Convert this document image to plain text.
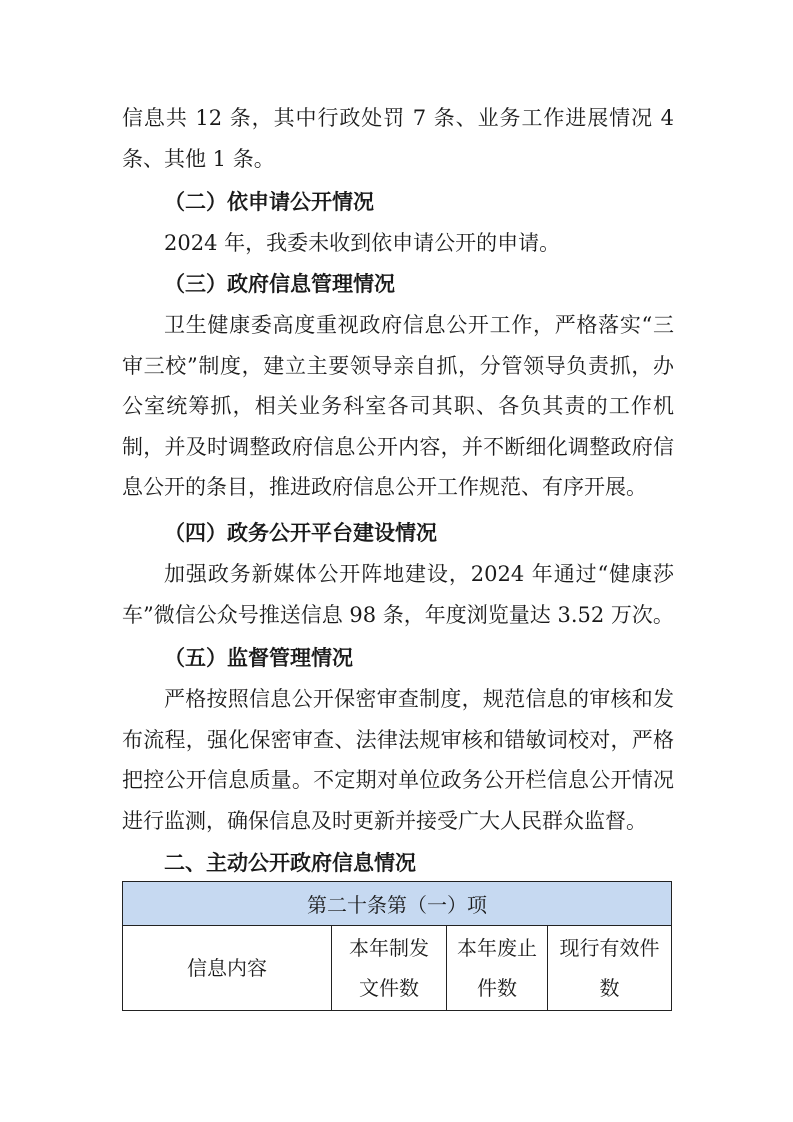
信息共 12 条，其中行政处罚 7 条、业务工作进展情况 4 条、其他 1 条。

（二）依申请公开情况

2024 年，我委未收到依申请公开的申请。

（三）政府信息管理情况

卫生健康委高度重视政府信息公开工作，严格落实“三审三校”制度，建立主要领导亲自抓，分管领导负责抓，办公室统筹抓，相关业务科室各司其职、各负其责的工作机制，并及时调整政府信息公开内容，并不断细化调整政府信息公开的条目，推进政府信息公开工作规范、有序开展。

（四）政务公开平台建设情况

加强政务新媒体公开阵地建设，2024 年通过“健康莎车”微信公众号推送信息 98 条，年度浏览量达 3.52 万次。

（五）监督管理情况

严格按照信息公开保密审查制度，规范信息的审核和发布流程，强化保密审查、法律法规审核和错敏词校对，严格把控公开信息质量。不定期对单位政务公开栏信息公开情况进行监测，确保信息及时更新并接受广大人民群众监督。

二、主动公开政府信息情况

第二十条第（一）项
信息内容	本年制发文件数	本年废止件数	现行有效件数
